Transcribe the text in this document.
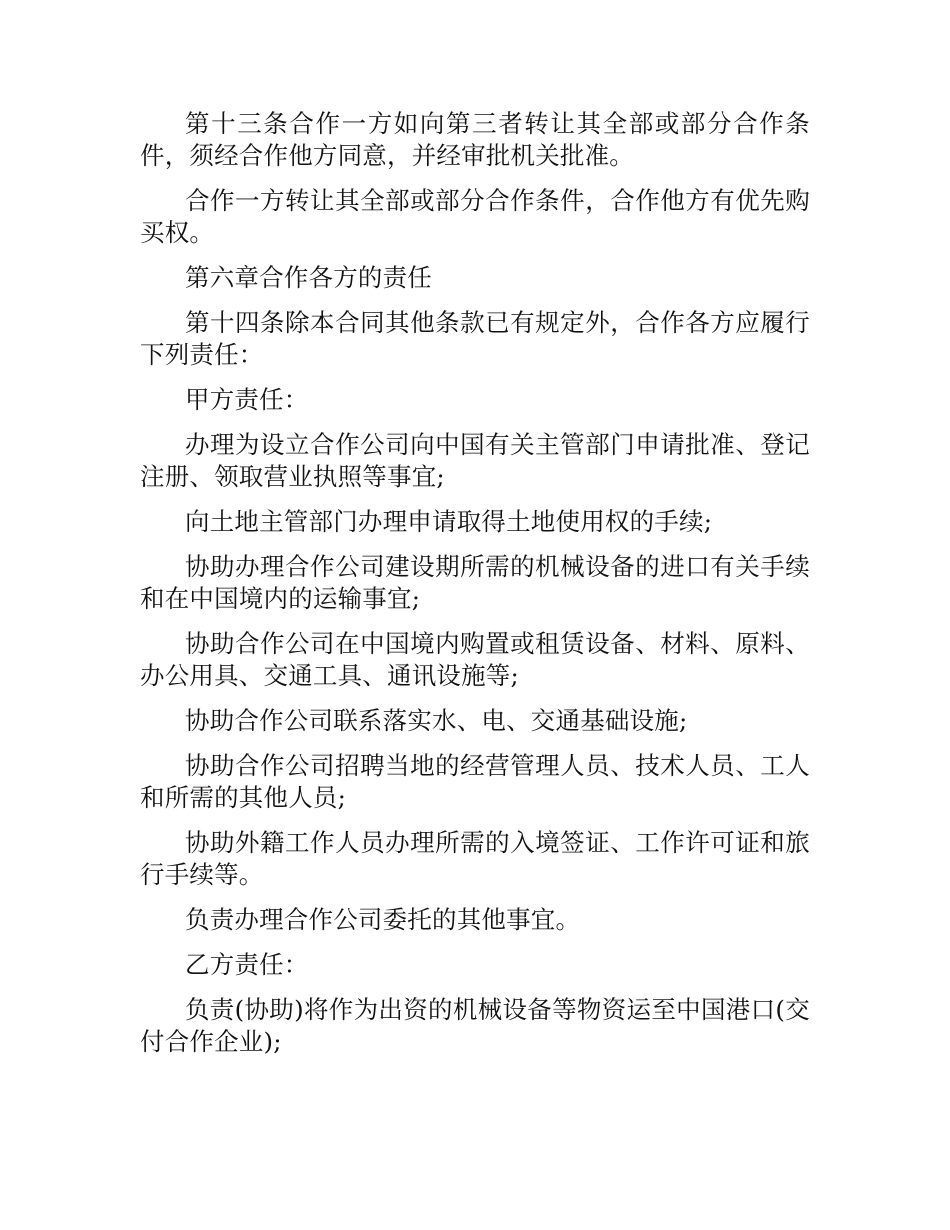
第十三条合作一方如向第三者转让其全部或部分合作条件，须经合作他方同意，并经审批机关批准。

合作一方转让其全部或部分合作条件，合作他方有优先购买权。

第六章合作各方的责任

第十四条除本合同其他条款已有规定外，合作各方应履行下列责任：

甲方责任：

办理为设立合作公司向中国有关主管部门申请批准、登记注册、领取营业执照等事宜;

向土地主管部门办理申请取得土地使用权的手续;

协助办理合作公司建设期所需的机械设备的进口有关手续和在中国境内的运输事宜;

协助合作公司在中国境内购置或租赁设备、材料、原料、办公用具、交通工具、通讯设施等;

协助合作公司联系落实水、电、交通基础设施;

协助合作公司招聘当地的经营管理人员、技术人员、工人和所需的其他人员;

协助外籍工作人员办理所需的入境签证、工作许可证和旅行手续等。

负责办理合作公司委托的其他事宜。

乙方责任：

负责(协助)将作为出资的机械设备等物资运至中国港口(交付合作企业);
